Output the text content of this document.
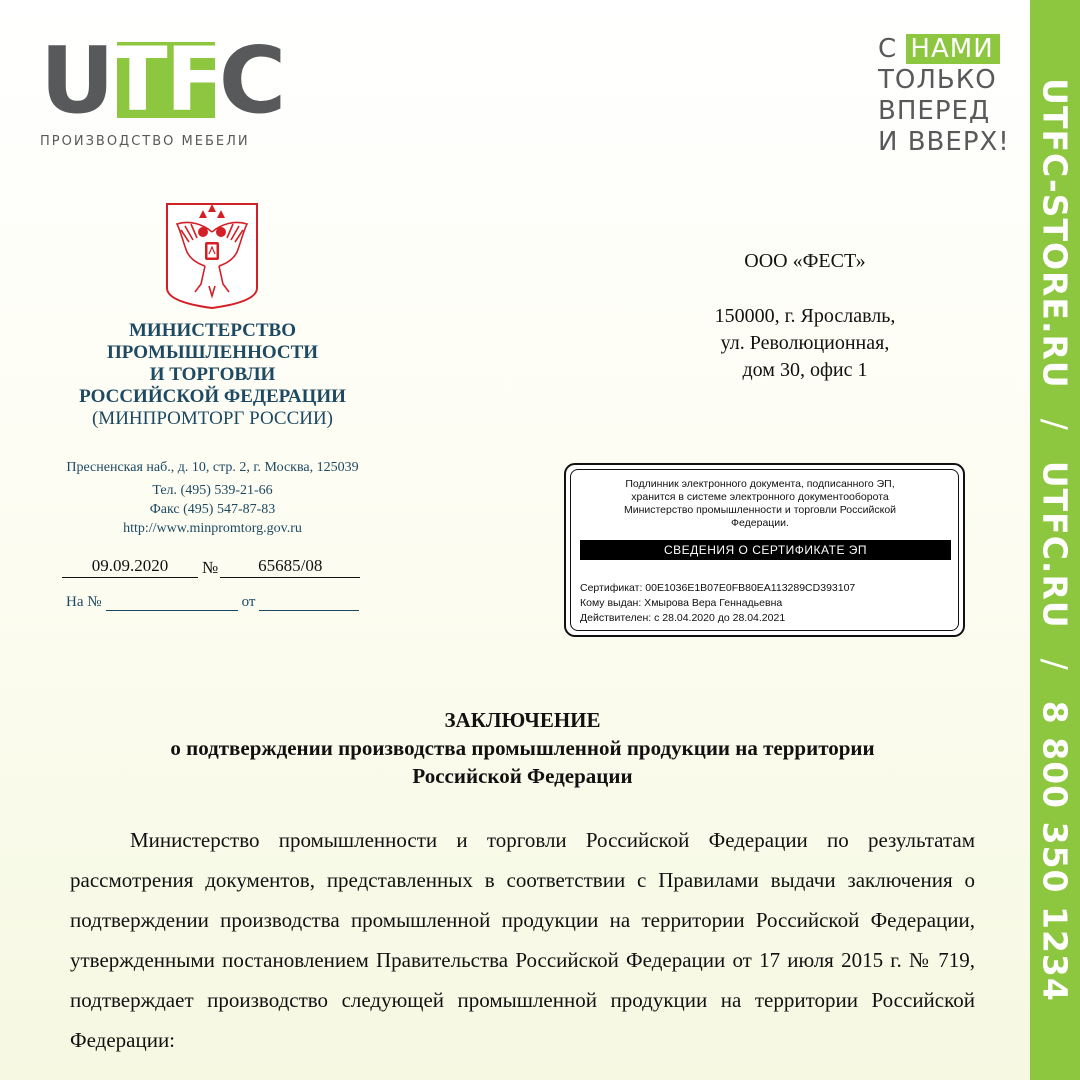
UTFC-STORE.RU/UTFC.RU/8 800 350 1234
U
TF
C
ПРОИЗВОДСТВО МЕБЕЛИ
С НАМИ
ТОЛЬКО
ВПЕРЕД
И ВВЕРХ!
МИНИСТЕРСТВО
ПРОМЫШЛЕННОСТИ
И ТОРГОВЛИ
РОССИЙСКОЙ ФЕДЕРАЦИИ
(МИНПРОМТОРГ РОССИИ)
Пресненская наб., д. 10, стр. 2, г. Москва, 125039
Тел. (495) 539-21-66
Факс (495) 547-87-83
http://www.minpromtorg.gov.ru
09.09.2020	№	65685/08
На №	от
ООО «ФЕСТ»
150000, г. Ярославль,
ул. Революционная,
дом 30, офис 1
Подлинник электронного документа, подписанного ЭП,
хранится в системе электронного документооборота
Министерство промышленности и торговли Российской
Федерации.
СВЕДЕНИЯ О СЕРТИФИКАТЕ ЭП
Сертификат: 00E1036E1B07E0FB80EA113289CD393107
Кому выдан: Хмырова Вера Геннадьевна
Действителен: с 28.04.2020 до 28.04.2021
ЗАКЛЮЧЕНИЕ
о подтверждении производства промышленной продукции на территории
Российской Федерации

Министерство промышленности и торговли Российской Федерации по результатам рассмотрения документов, представленных в соответствии с Правилами выдачи заключения о подтверждении производства промышленной продукции на территории Российской Федерации, утвержденными постановлением Правительства Российской Федерации от 17 июля 2015 г. № 719, подтверждает производство следующей промышленной продукции на территории Российской Федерации:
